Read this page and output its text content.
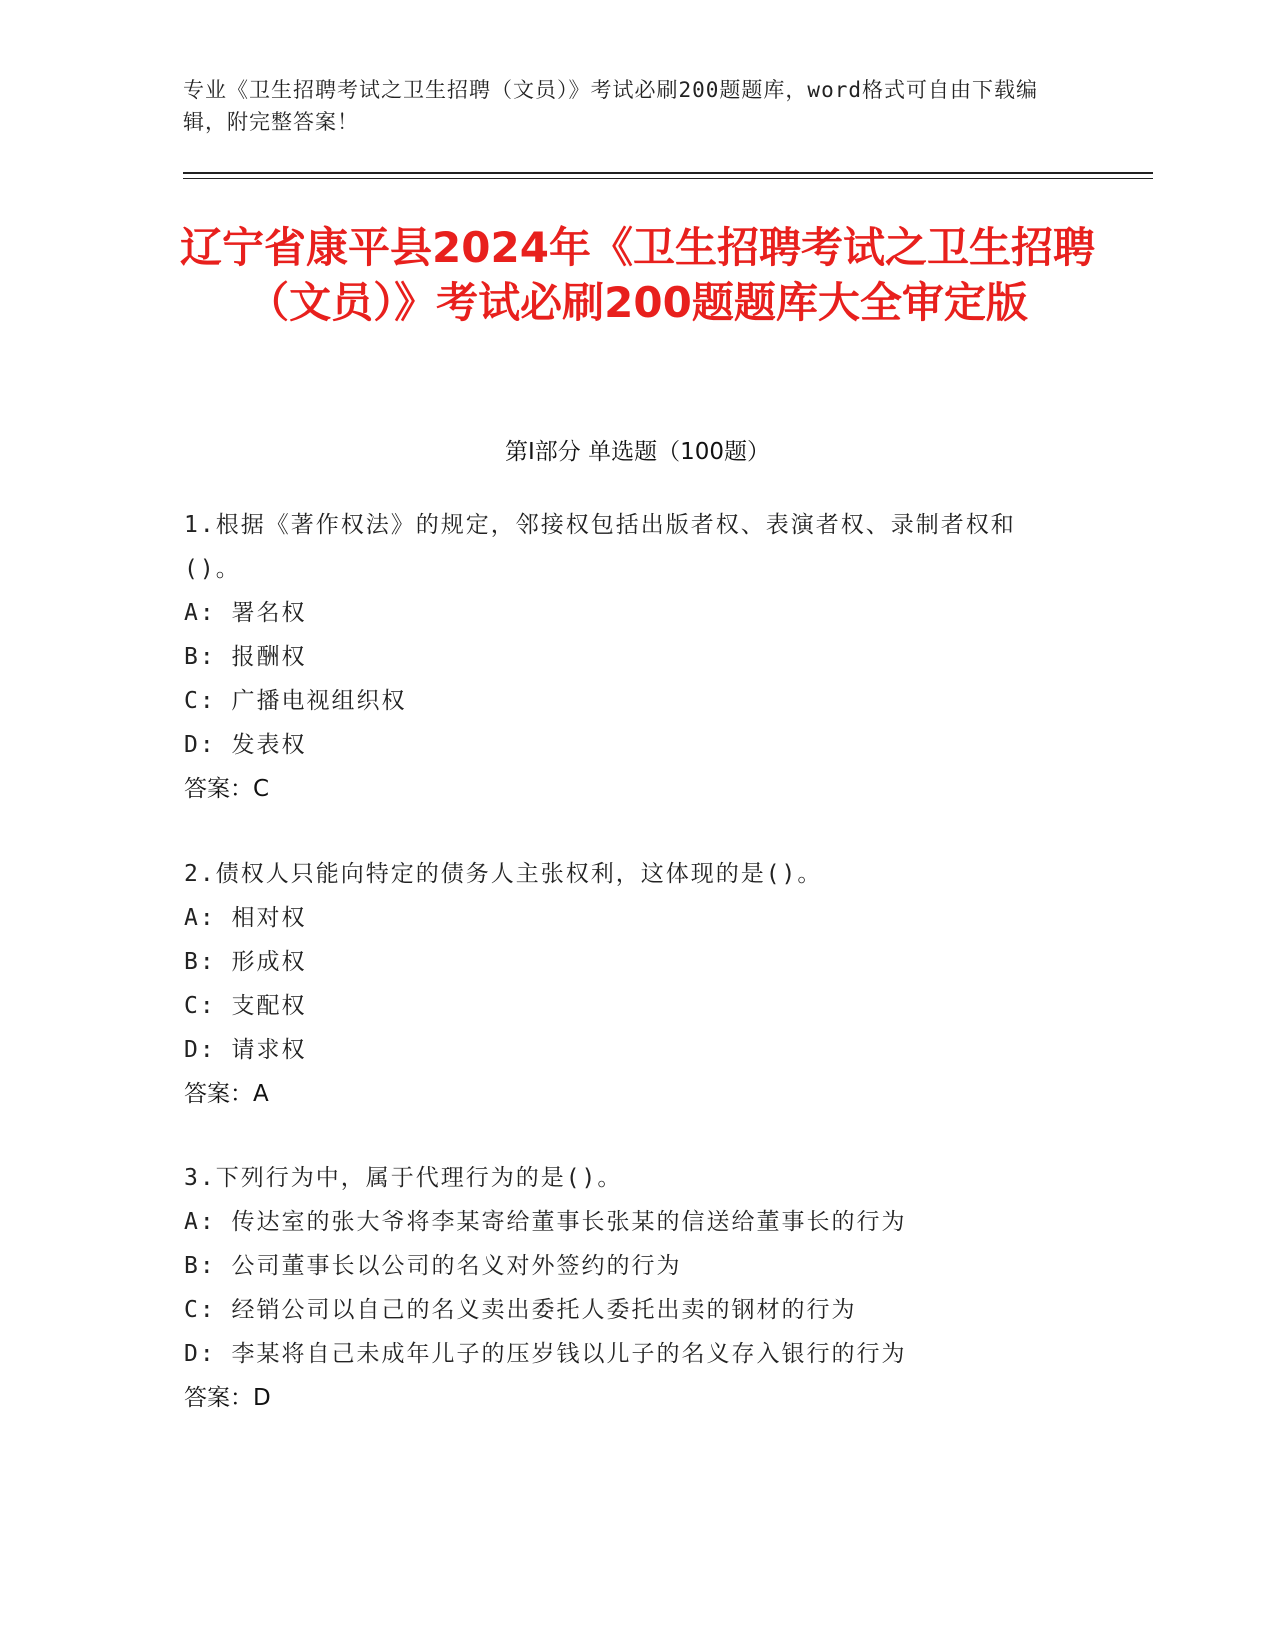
专业《卫生招聘考试之卫生招聘（文员）》考试必刷200题题库，word格式可自由下载编辑，附完整答案！
辽宁省康平县2024年《卫生招聘考试之卫生招聘（文员）》考试必刷200题题库大全审定版
第Ⅰ部分 单选题（100题）

1.根据《著作权法》的规定，邻接权包括出版者权、表演者权、录制者权和()。

A: 署名权

B: 报酬权

C: 广播电视组织权

D: 发表权

答案：C

2.债权人只能向特定的债务人主张权利，这体现的是()。

A: 相对权

B: 形成权

C: 支配权

D: 请求权

答案：A

3.下列行为中，属于代理行为的是()。

A: 传达室的张大爷将李某寄给董事长张某的信送给董事长的行为

B: 公司董事长以公司的名义对外签约的行为

C: 经销公司以自己的名义卖出委托人委托出卖的钢材的行为

D: 李某将自己未成年儿子的压岁钱以儿子的名义存入银行的行为

答案：D
